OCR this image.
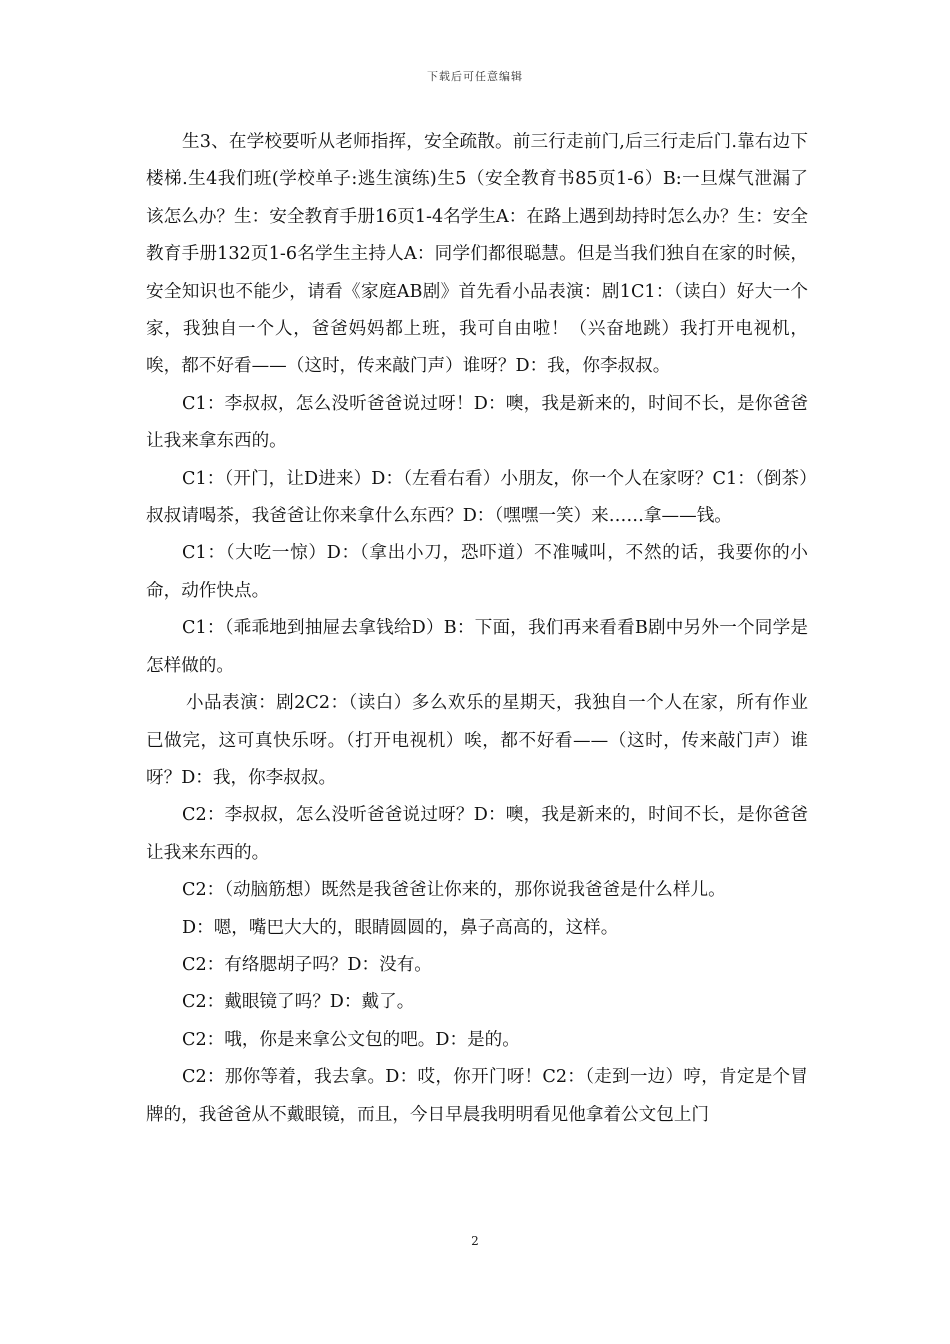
下载后可任意编辑

生3、在学校要听从老师指挥，安全疏散。前三行走前门,后三行走后门.靠右边下楼梯.生4我们班(学校单子:逃生演练)生5（安全教育书85页1-6）B:一旦煤气泄漏了该怎么办？生：安全教育手册16页1-4名学生A：在路上遇到劫持时怎么办？生：安全教育手册132页1-6名学生主持人A：同学们都很聪慧。但是当我们独自在家的时候，安全知识也不能少，请看《家庭AB剧》首先看小品表演：剧1C1：（读白）好大一个家，我独自一个人，爸爸妈妈都上班，我可自由啦！（兴奋地跳）我打开电视机，唉，都不好看——（这时，传来敲门声）谁呀？D：我，你李叔叔。

C1：李叔叔，怎么没听爸爸说过呀！D：噢，我是新来的，时间不长，是你爸爸让我来拿东西的。

C1：（开门，让D进来）D：（左看右看）小朋友，你一个人在家呀？C1：（倒茶）叔叔请喝茶，我爸爸让你来拿什么东西？D：（嘿嘿一笑）来……拿——钱。

C1：（大吃一惊）D：（拿出小刀，恐吓道）不准喊叫，不然的话，我要你的小命，动作快点。

C1：（乖乖地到抽屉去拿钱给D）B：下面，我们再来看看B剧中另外一个同学是怎样做的。

小品表演：剧2C2：（读白）多么欢乐的星期天，我独自一个人在家，所有作业已做完，这可真快乐呀。（打开电视机）唉，都不好看——（这时，传来敲门声）谁呀？D：我，你李叔叔。

C2：李叔叔，怎么没听爸爸说过呀？D：噢，我是新来的，时间不长，是你爸爸让我来东西的。

C2：（动脑筋想）既然是我爸爸让你来的，那你说我爸爸是什么样儿。

D：嗯，嘴巴大大的，眼睛圆圆的，鼻子高高的，这样。

C2：有络腮胡子吗？D：没有。

C2：戴眼镜了吗？D：戴了。

C2：哦，你是来拿公文包的吧。D：是的。

C2：那你等着，我去拿。D：哎，你开门呀！C2：（走到一边）哼，肯定是个冒牌的，我爸爸从不戴眼镜，而且，今日早晨我明明看见他拿着公文包上门

2
